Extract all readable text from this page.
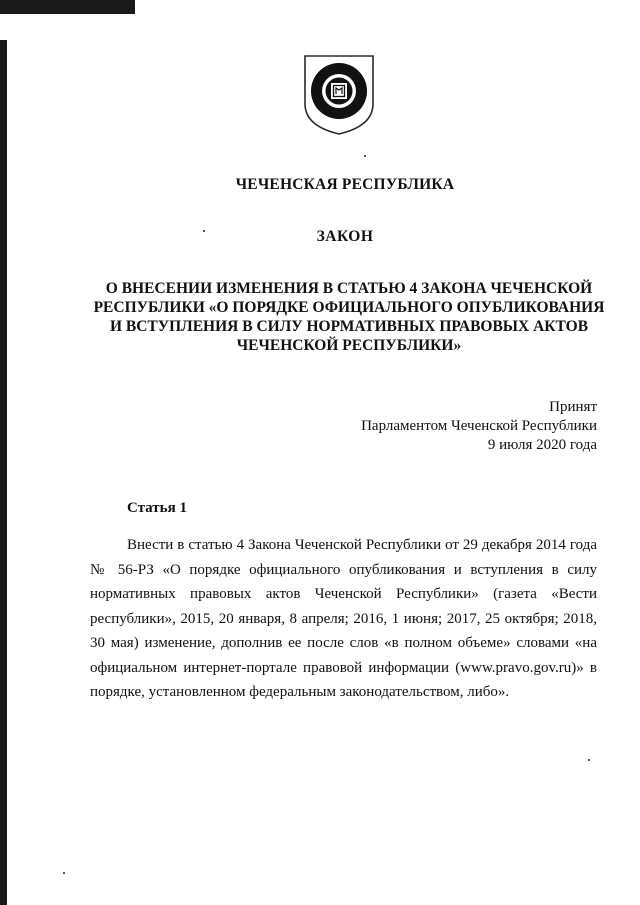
ЧЕЧЕНСКАЯ РЕСПУБЛИКА

ЗАКОН

О ВНЕСЕНИИ ИЗМЕНЕНИЯ В СТАТЬЮ 4 ЗАКОНА ЧЕЧЕНСКОЙ РЕСПУБЛИКИ «О ПОРЯДКЕ ОФИЦИАЛЬНОГО ОПУБЛИКОВАНИЯ И ВСТУПЛЕНИЯ В СИЛУ НОРМАТИВНЫХ ПРАВОВЫХ АКТОВ ЧЕЧЕНСКОЙ РЕСПУБЛИКИ»

Принят
Парламентом Чеченской Республики
9 июля 2020 года

Статья 1

Внести в статью 4 Закона Чеченской Республики от 29 декабря 2014 года № 56-РЗ «О порядке официального опубликования и вступления в силу нормативных правовых актов Чеченской Республики» (газета «Вести республики», 2015, 20 января, 8 апреля; 2016, 1 июня; 2017, 25 октября; 2018, 30 мая) изменение, дополнив ее после слов «в полном объеме» словами «на официальном интернет-портале правовой информации (www.pravo.gov.ru)» в порядке, установленном федеральным законодательством, либо».
